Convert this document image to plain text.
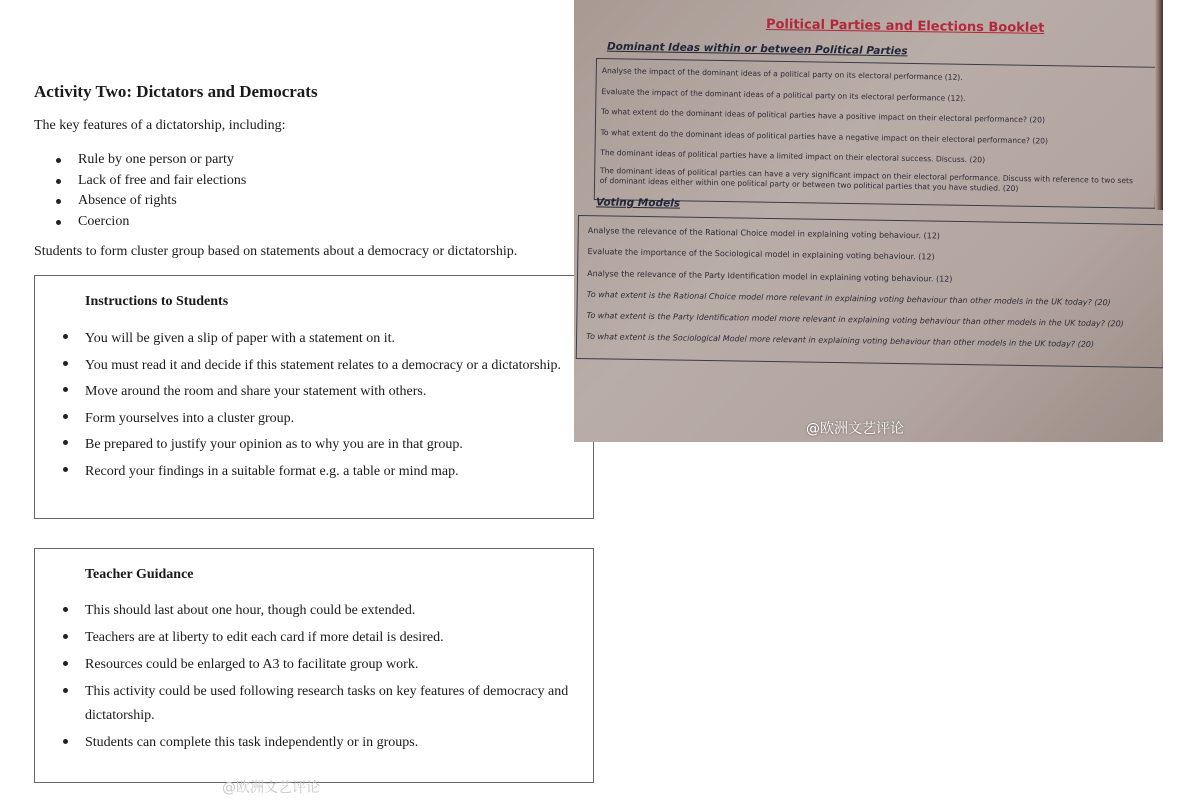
Activity Two: Dictators and Democrats

The key features of a dictatorship, including:

Rule by one person or party
Lack of free and fair elections
Absence of rights
Coercion

Students to form cluster group based on statements about a democracy or dictatorship.

Instructions to Students
You will be given a slip of paper with a statement on it.
You must read it and decide if this statement relates to a democracy or a dictatorship.
Move around the room and share your statement with others.
Form yourselves into a cluster group.
Be prepared to justify your opinion as to why you are in that group.
Record your findings in a suitable format e.g. a table or mind map.
Teacher Guidance
This should last about one hour, though could be extended.
Teachers are at liberty to edit each card if more detail is desired.
Resources could be enlarged to A3 to facilitate group work.
This activity could be used following research tasks on key features of democracy and dictatorship.
Students can complete this task independently or in groups.
@欧洲文艺评论
Political Parties and Elections Booklet
Dominant Ideas within or between Political Parties
Analyse the impact of the dominant ideas of a political party on its electoral performance (12).
Evaluate the impact of the dominant ideas of a political party on its electoral performance (12).
To what extent do the dominant ideas of political parties have a positive impact on their electoral performance? (20)
To what extent do the dominant ideas of political parties have a negative impact on their electoral performance? (20)
The dominant ideas of political parties have a limited impact on their electoral success. Discuss. (20)
The dominant ideas of political parties can have a very significant impact on their electoral performance. Discuss with reference to two sets of dominant ideas either within one political party or between two political parties that you have studied. (20)
Voting Models
Analyse the relevance of the Rational Choice model in explaining voting behaviour. (12)
Evaluate the importance of the Sociological model in explaining voting behaviour. (12)
Analyse the relevance of the Party Identification model in explaining voting behaviour. (12)
To what extent is the Rational Choice model more relevant in explaining voting behaviour than other models in the UK today? (20)
To what extent is the Party Identification model more relevant in explaining voting behaviour than other models in the UK today? (20)
To what extent is the Sociological Model more relevant in explaining voting behaviour than other models in the UK today? (20)
@欧洲文艺评论
